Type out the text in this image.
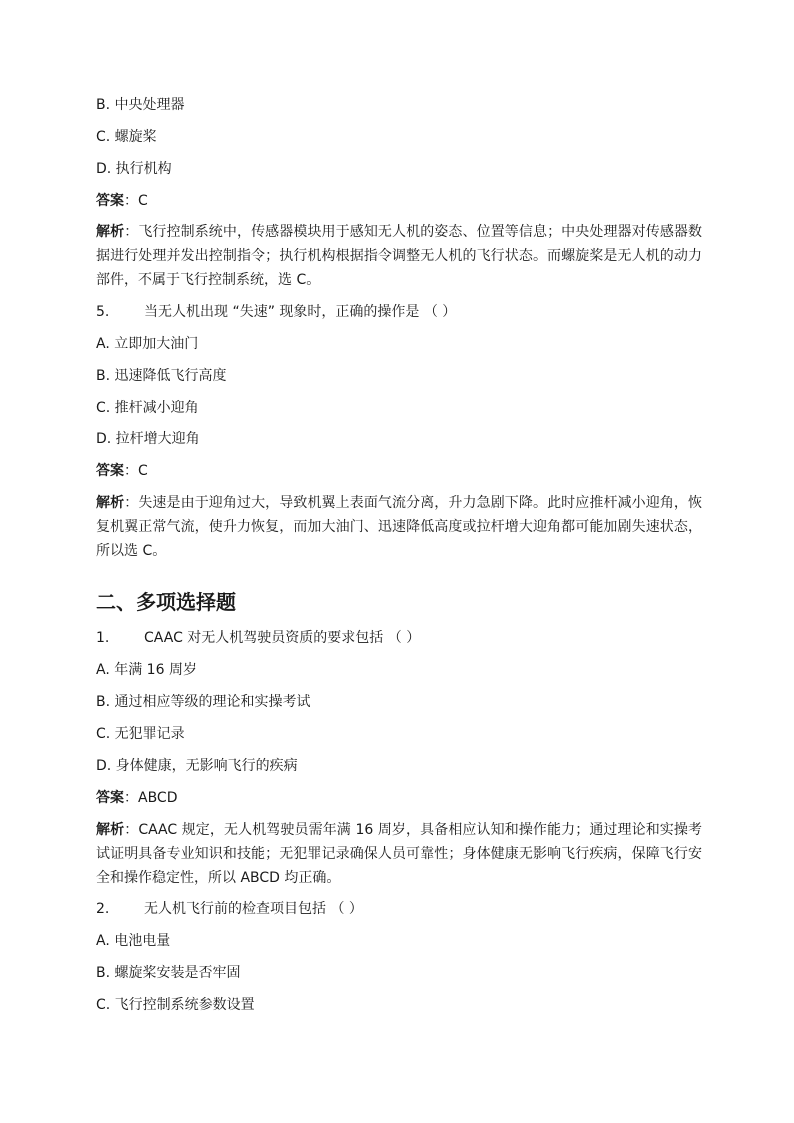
B. 中央处理器
C. 螺旋桨
D. 执行机构
答案：C
解析：飞行控制系统中，传感器模块用于感知无人机的姿态、位置等信息；中央处理器对传感器数据进行处理并发出控制指令；执行机构根据指令调整无人机的飞行状态。而螺旋桨是无人机的动力部件，不属于飞行控制系统，选 C。
5. 当无人机出现 “失速” 现象时，正确的操作是 （ ）
A. 立即加大油门
B. 迅速降低飞行高度
C. 推杆减小迎角
D. 拉杆增大迎角
答案：C
解析：失速是由于迎角过大，导致机翼上表面气流分离，升力急剧下降。此时应推杆减小迎角，恢复机翼正常气流，使升力恢复，而加大油门、迅速降低高度或拉杆增大迎角都可能加剧失速状态，所以选 C。
二、多项选择题
1. CAAC 对无人机驾驶员资质的要求包括 （ ）
A. 年满 16 周岁
B. 通过相应等级的理论和实操考试
C. 无犯罪记录
D. 身体健康，无影响飞行的疾病
答案：ABCD
解析：CAAC 规定，无人机驾驶员需年满 16 周岁，具备相应认知和操作能力；通过理论和实操考试证明具备专业知识和技能；无犯罪记录确保人员可靠性；身体健康无影响飞行疾病，保障飞行安全和操作稳定性，所以 ABCD 均正确。
2. 无人机飞行前的检查项目包括 （ ）
A. 电池电量
B. 螺旋桨安装是否牢固
C. 飞行控制系统参数设置
